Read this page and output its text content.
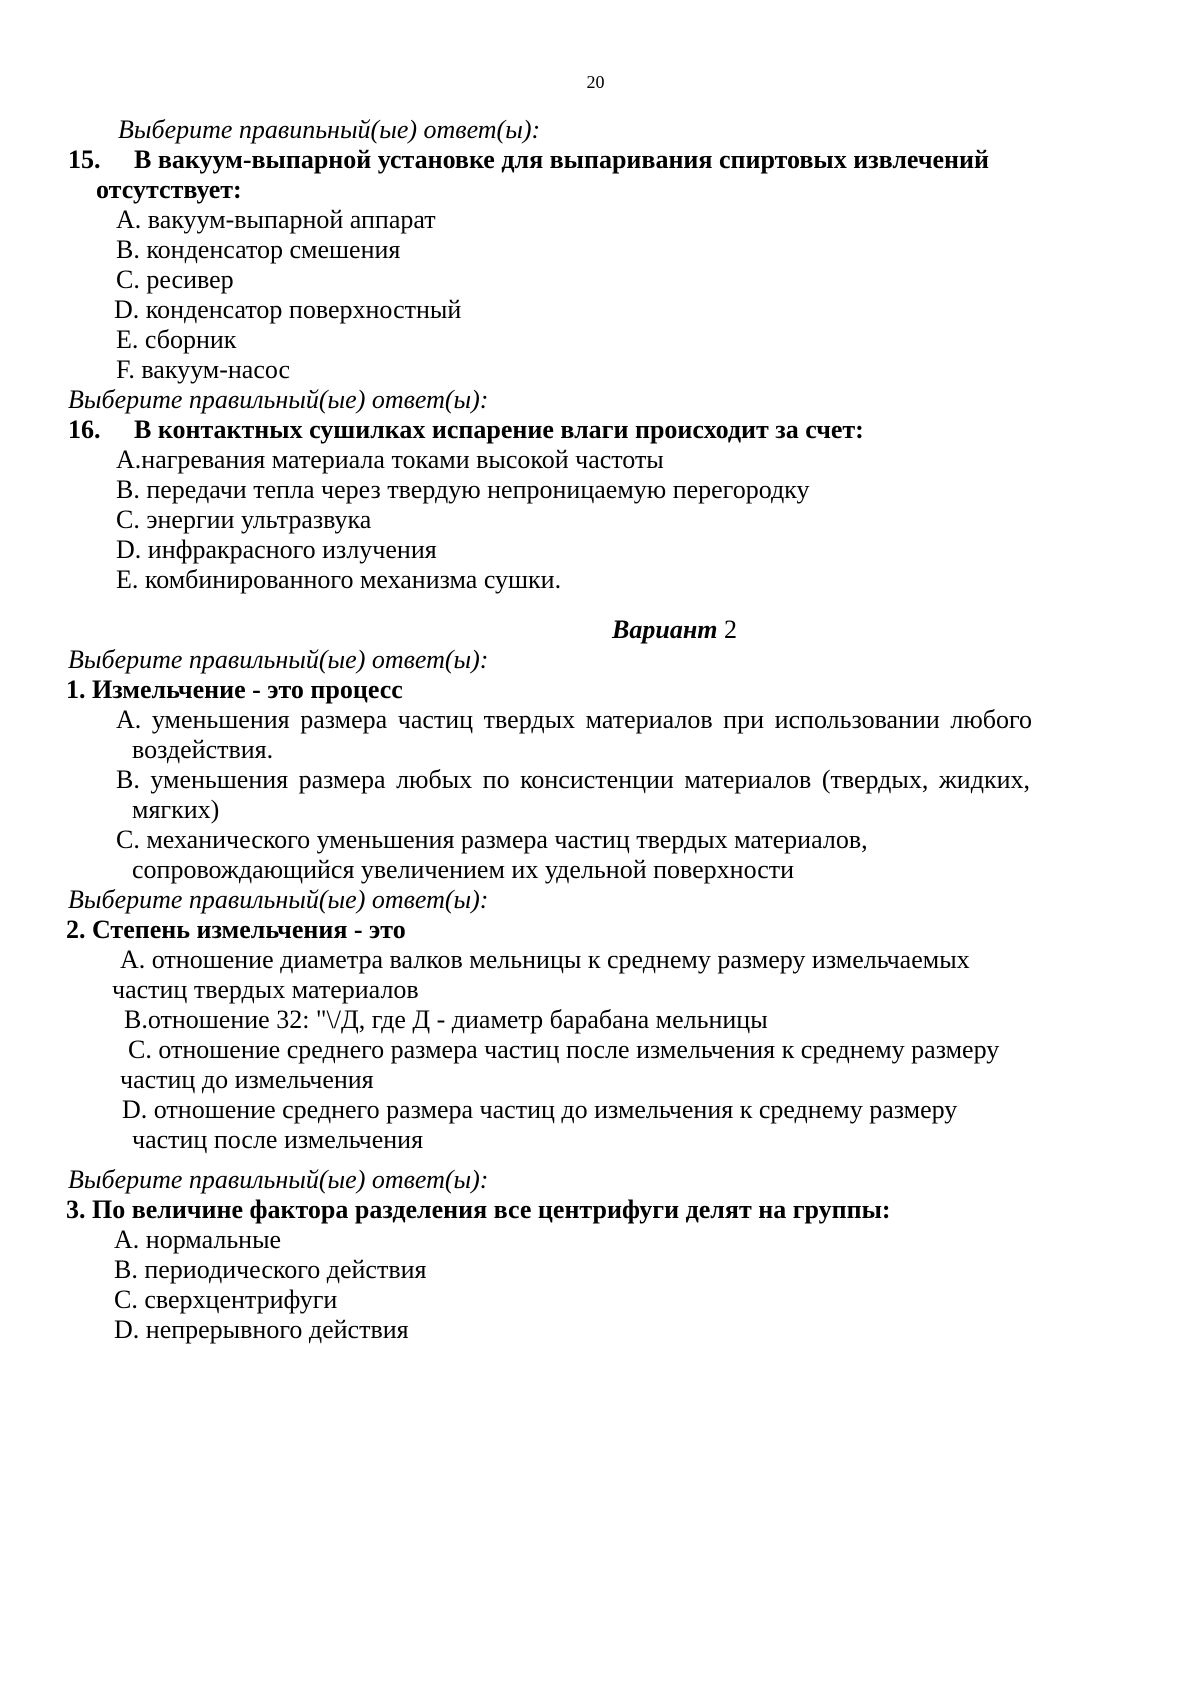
20
Выберите правипьный(ые) ответ(ы):
15. В вакуум-выпарной установке для выпаривания спиртовых извлечений
отсутствует:
A. вакуум-выпарной аппарат
B. конденсатор смешения
C. ресивер
D. конденсатор поверхностный
E. сборник
F. вакуум-насос
Выберите правильный(ые) ответ(ы):
16. В контактных сушилках испарение влаги происходит за счет:
A.нагревания материала токами высокой частоты
B. передачи тепла через твердую непроницаемую перегородку
C. энергии ультразвука
D. инфракрасного излучения
E. комбинированного механизма сушки.
Вариант 2
Выберите правильный(ые) ответ(ы):
1. Измельчение - это процесс
A. уменьшения размера частиц твердых материалов при использовании любого
воздействия.
B. уменьшения размера любых по консистенции материалов (твердых, жидких,
мягких)
C. механического уменьшения размера частиц твердых материалов,
сопровождающийся увеличением их удельной поверхности
Выберите правильный(ые) ответ(ы):
2. Степень измельчения - это
A. отношение диаметра валков мельницы к среднему размеру измельчаемых
частиц твердых материалов
B.отношение 32: "\/Д, где Д - диаметр барабана мельницы
C. отношение среднего размера частиц после измельчения к среднему размеру
частиц до измельчения
D. отношение среднего размера частиц до измельчения к среднему размеру
частиц после измельчения
Выберите правильный(ые) ответ(ы):
3. По величине фактора разделения все центрифуги делят на группы:
A. нормальные
B. периодического действия
C. сверхцентрифуги
D. непрерывного действия
